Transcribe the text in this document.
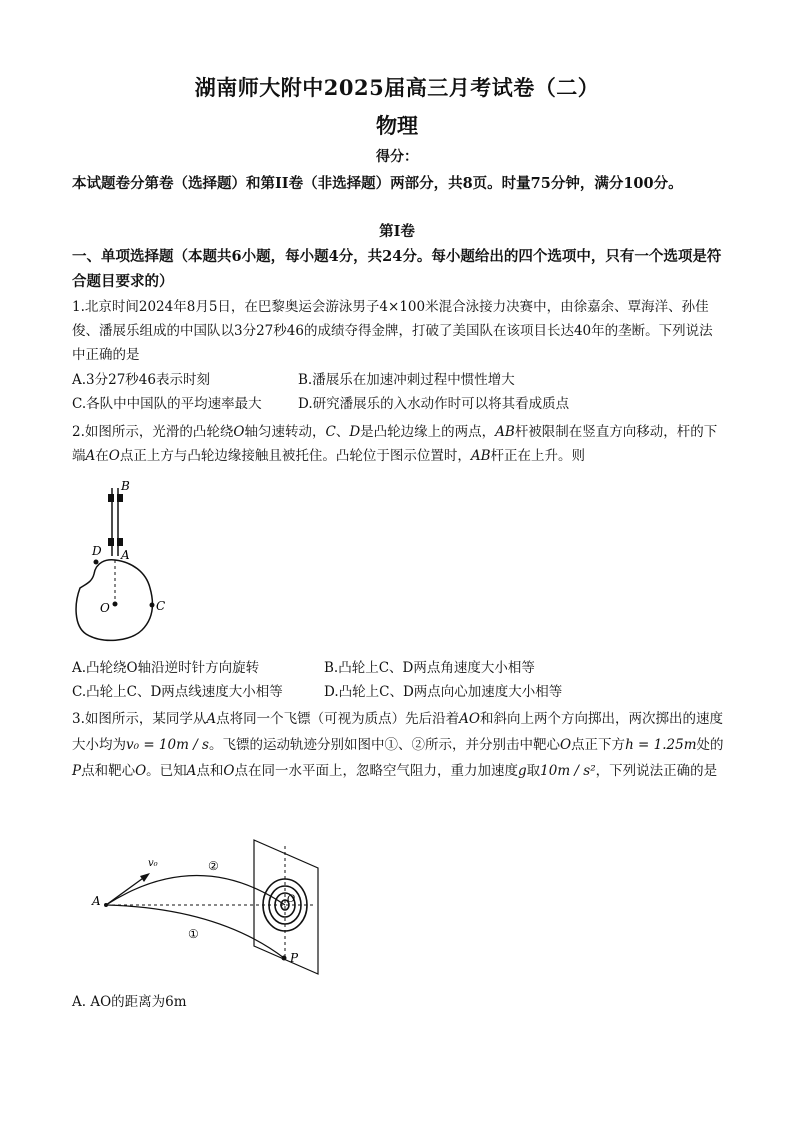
湖南师大附中2025届高三月考试卷（二）
物理
得分：
本试题卷分第卷（选择题）和第II卷（非选择题）两部分，共8页。时量75分钟，满分100分。
第I卷
一、单项选择题（本题共6小题，每小题4分，共24分。每小题给出的四个选项中，只有一个选项是符合题目要求的）
1.北京时间2024年8月5日，在巴黎奥运会游泳男子4×100米混合泳接力决赛中，由徐嘉余、覃海洋、孙佳俊、潘展乐组成的中国队以3分27秒46的成绩夺得金牌，打破了美国队在该项目长达40年的垄断。下列说法中正确的是
A.3分27秒46表示时刻	B.潘展乐在加速冲刺过程中惯性增大
C.各队中中国队的平均速率最大	D.研究潘展乐的入水动作时可以将其看成质点
2.如图所示，光滑的凸轮绕O轴匀速转动，C、D是凸轮边缘上的两点，AB杆被限制在竖直方向移动，杆的下端A在O点正上方与凸轮边缘接触且被托住。凸轮位于图示位置时，AB杆正在上升。则
B
D A
O	C
A.凸轮绕O轴沿逆时针方向旋转	B.凸轮上C、D两点角速度大小相等
C.凸轮上C、D两点线速度大小相等	D.凸轮上C、D两点向心加速度大小相等
3.如图所示，某同学从A点将同一个飞镖（可视为质点）先后沿着AO和斜向上两个方向掷出，两次掷出的速度大小均为v₀ = 10m / s。飞镖的运动轨迹分别如图中①、②所示，并分别击中靶心O点正下方h = 1.25m处的P点和靶心O。已知A点和O点在同一水平面上，忽略空气阻力，重力加速度g取10m / s²，下列说法正确的是
v₀	②
A	O
①
P
A. AO的距离为6m
